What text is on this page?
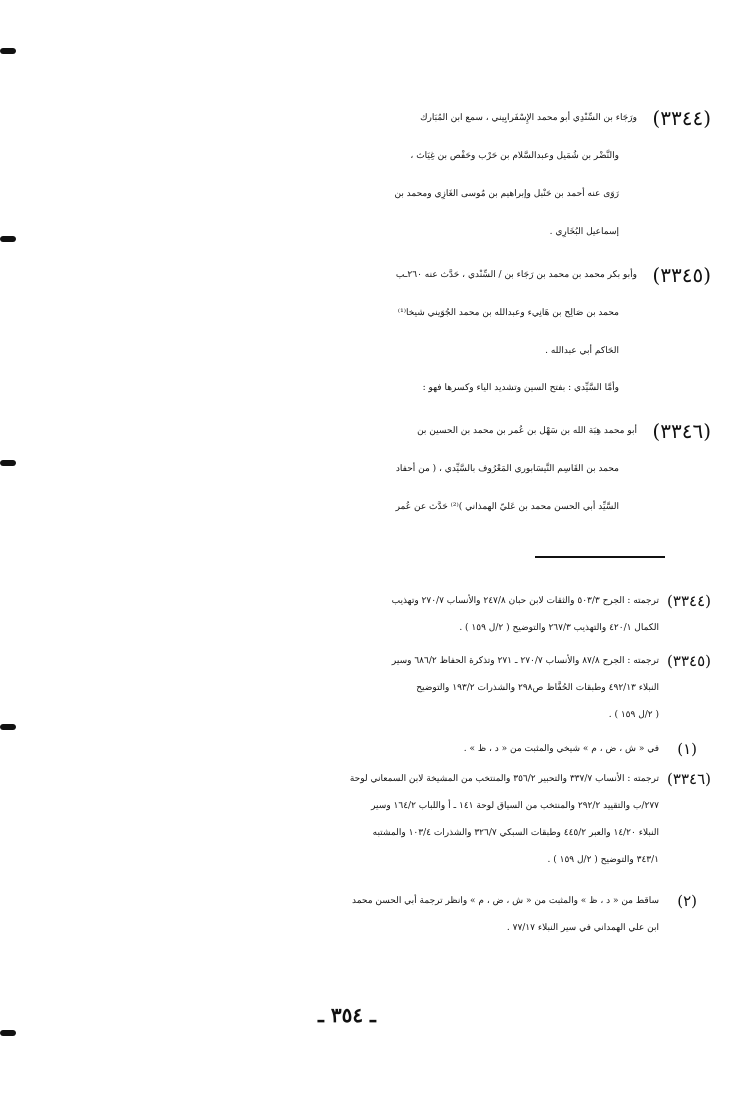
(٣٣٤٤)
ورَجَاء بن السِّنْدِي أبو محمد الإِسْفَرايِيني ، سمع ابن المُبَارك
والنَّضْر بن شُمَيل وعبدالسَّلام بن حَرْب وحَفْص بن غِيَاث ،
رَوَى عنه أحمد بن حَنْبل وإبراهيم بن مُوسى الغَازِي ومحمد بن
إسماعيل البُخَارِي .
(٣٣٤٥)
وأبو بكر محمد بن محمد بن رَجَاء بن / السِّنْدي ، حَدَّث عنه ٢٦٠ـب
محمد بن صَالِح بن هَانِيء وعبدالله بن محمد الجُوَيني شيخا⁽¹⁾
الحَاكم أبي عبدالله .
وأمَّا السَّيِّدي : بفتح السين وتشديد الياء وكسرها فهو :
(٣٣٤٦)
أبو محمد هِبَة الله بن سَهْل بن عُمر بن محمد بن الحسين بن
محمد بن القَاسِم النَّيسَابوري المَعْرُوف بالسَّيِّدي ، ( من أحفاد
السَّيِّد أبي الحسن محمد بن عَليّ الهمذاني )⁽²⁾ حَدَّث عن عُمر
(٣٣٤٤)
ترجمته : الجرح ٥٠٣/٣ والثقات لابن حبان ٢٤٧/٨ والأنساب ٢٧٠/٧ وتهذيب
الكمال ٤٢٠/١ والتهذيب ٢٦٧/٣ والتوضيح ( ٢/ل ١٥٩ ) .
(٣٣٤٥)
ترجمته : الجرح ٨٧/٨ والأنساب ٢٧٠/٧ ـ ٢٧١ وتذكرة الحفاظ ٦٨٦/٢ وسير
النبلاء ٤٩٢/١٣ وطبقات الحُفَّاظ ص٢٩٨ والشذرات ١٩٣/٢ والتوضيح
( ٢/ل ١٥٩ ) .
(١)
في « ش ، ض ، م » شيخي والمثبت من « د ، ظ » .
(٣٣٤٦)
ترجمته : الأنساب ٣٣٧/٧ والتحبير ٣٥٦/٢ والمنتخب من المشيخة لابن السمعاني لوحة
٢٧٧/ب والتقييد ٢٩٢/٢ والمنتخب من السياق لوحة ١٤١ ـ أ واللباب ١٦٤/٢ وسير
النبلاء ١٤/٢٠ والعبر ٤٤٥/٢ وطبقات السبكي ٣٢٦/٧ والشذرات ١٠٣/٤ والمشتبه
٣٤٣/١ والتوضيح ( ٢/ل ١٥٩ ) .
(٢)
ساقط من « د ، ظ » والمثبت من « ش ، ض ، م » وانظر ترجمة أبي الحسن محمد
ابن علي الهمداني في سير النبلاء ٧٧/١٧ .
ـ ٣٥٤ ـ
